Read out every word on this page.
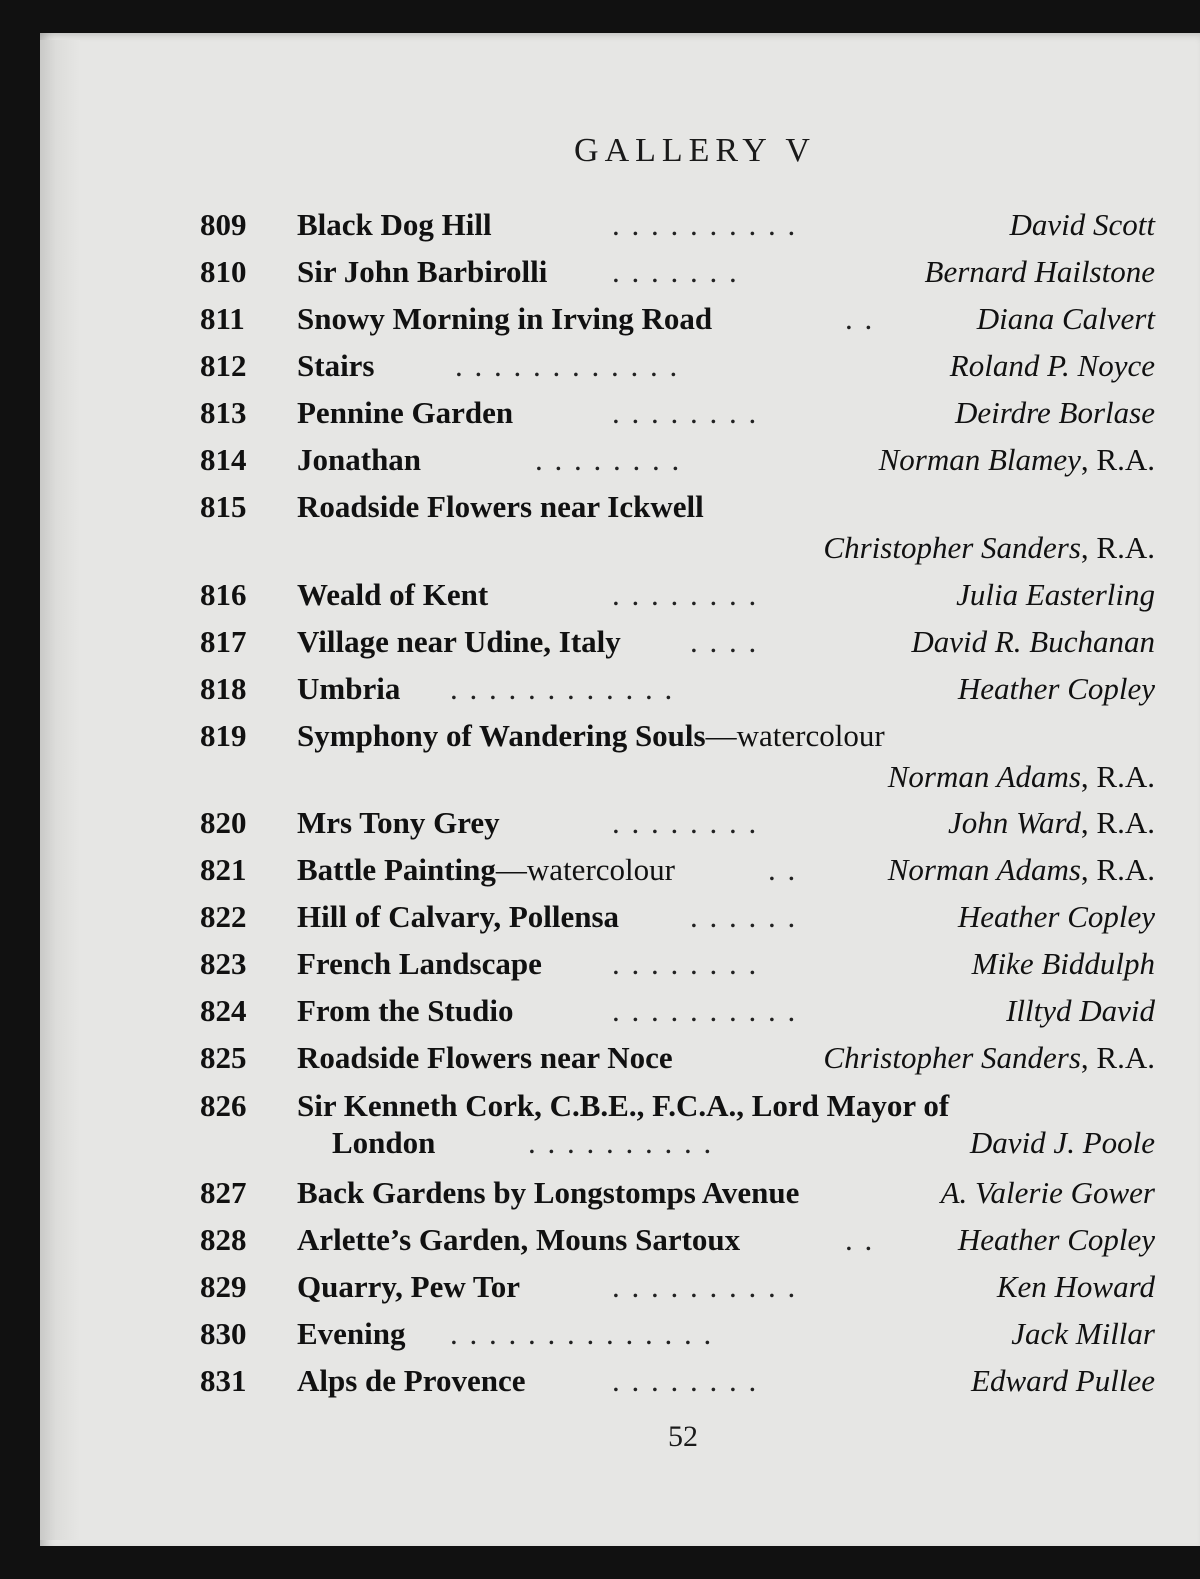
GALLERY V
809 Black Dog Hill	. . . . . . . . . .	David Scott
810 Sir John Barbirolli . . . . . . .	Bernard Hailstone
811 Snowy Morning in Irving Road	. .	Diana Calvert
812 Stairs	. . . . . . . . . . . .	Roland P. Noyce
813 Pennine Garden	. . . . . . . .	Deirdre Borlase
814 Jonathan	. . . . . . . .	Norman Blamey, R.A.
815 Roadside Flowers near Ickwell
Christopher Sanders, R.A.
816 Weald of Kent	. . . . . . . .	Julia Easterling
817 Village near Udine, Italy . . . .	David R. Buchanan
818 Umbria . . . . . . . . . . . .	Heather Copley
819 Symphony of Wandering Souls—watercolour
Norman Adams, R.A.
820 Mrs Tony Grey	. . . . . . . .	John Ward, R.A.
821 Battle Painting—watercolour	. .	Norman Adams, R.A.
822 Hill of Calvary, Pollensa . . . . . .	Heather Copley
823 French Landscape . . . . . . . .	Mike Biddulph
824 From the Studio	. . . . . . . . . .	Illtyd David
825 Roadside Flowers near Noce	Christopher Sanders, R.A.
826 Sir Kenneth Cork, C.B.E., F.C.A., Lord Mayor of
London	. . . . . . . . . .	David J. Poole
827 Back Gardens by Longstomps Avenue	A. Valerie Gower
828 Arlette’s Garden, Mouns Sartoux	. .	Heather Copley
829 Quarry, Pew Tor	. . . . . . . . . .	Ken Howard
830 Evening . . . . . . . . . . . . . .	Jack Millar
831 Alps de Provence	. . . . . . . .	Edward Pullee
52
